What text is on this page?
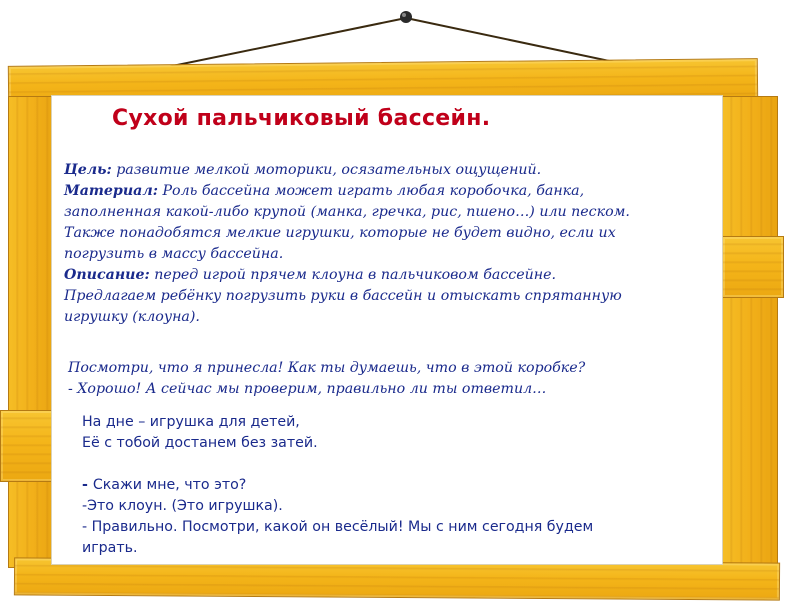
Сухой пальчиковый бассейн.
Цель: развитие мелкой моторики, осязательных ощущений.
Материал: Роль бассейна может играть любая коробочка, банка,
заполненная какой-либо крупой (манка, гречка, рис, пшено…) или песком.
Также понадобятся мелкие игрушки, которые не будет видно, если их
погрузить в массу бассейна.
Описание: перед игрой прячем клоуна в пальчиковом бассейне.
Предлагаем ребёнку погрузить руки в бассейн и отыскать спрятанную
игрушку (клоуна).
Посмотри, что я принесла! Как ты думаешь, что в этой коробке?
- Хорошо! А сейчас мы проверим, правильно ли ты ответил…
На дне – игрушка для детей,
Её с тобой достанем без затей.
- Скажи мне, что это?
-Это клоун. (Это игрушка).
- Правильно. Посмотри, какой он весёлый! Мы с ним сегодня будем
играть.
